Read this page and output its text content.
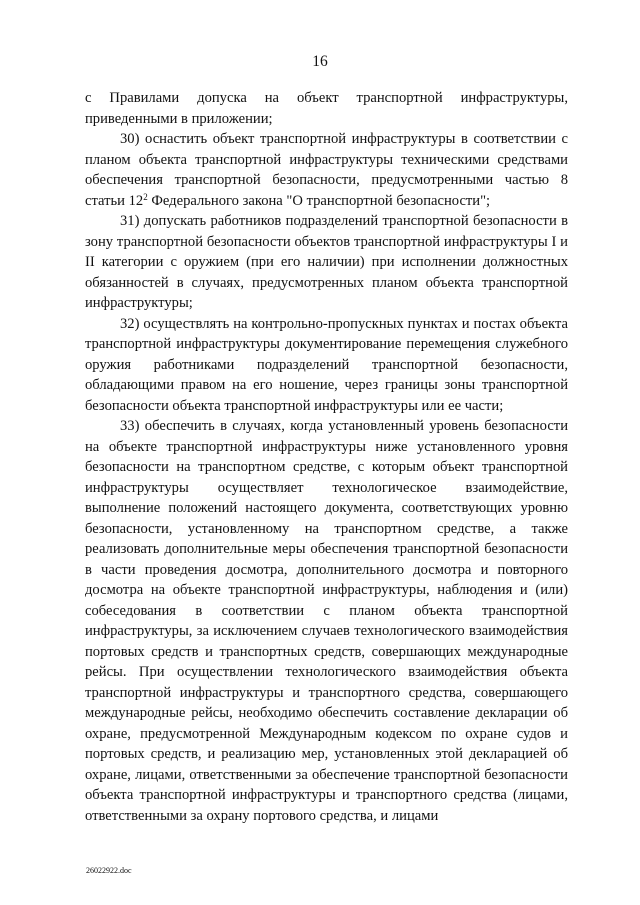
16

с Правилами допуска на объект транспортной инфраструктуры, приведенными в приложении;

30) оснастить объект транспортной инфраструктуры в соответствии с планом объекта транспортной инфраструктуры техническими средствами обеспечения транспортной безопасности, предусмотренными частью 8 статьи $12^2$ Федерального закона "О транспортной безопасности";

31) допускать работников подразделений транспортной безопасности в зону транспортной безопасности объектов транспортной инфраструктуры I и II категории с оружием (при его наличии) при исполнении должностных обязанностей в случаях, предусмотренных планом объекта транспортной инфраструктуры;

32) осуществлять на контрольно-пропускных пунктах и постах объекта транспортной инфраструктуры документирование перемещения служебного оружия работниками подразделений транспортной безопасности, обладающими правом на его ношение, через границы зоны транспортной безопасности объекта транспортной инфраструктуры или ее части;

33) обеспечить в случаях, когда установленный уровень безопасности на объекте транспортной инфраструктуры ниже установленного уровня безопасности на транспортном средстве, с которым объект транспортной инфраструктуры осуществляет технологическое взаимодействие, выполнение положений настоящего документа, соответствующих уровню безопасности, установленному на транспортном средстве, а также реализовать дополнительные меры обеспечения транспортной безопасности в части проведения досмотра, дополнительного досмотра и повторного досмотра на объекте транспортной инфраструктуры, наблюдения и (или) собеседования в соответствии с планом объекта транспортной инфраструктуры, за исключением случаев технологического взаимодействия портовых средств и транспортных средств, совершающих международные рейсы. При осуществлении технологического взаимодействия объекта транспортной инфраструктуры и транспортного средства, совершающего международные рейсы, необходимо обеспечить составление декларации об охране, предусмотренной Международным кодексом по охране судов и портовых средств, и реализацию мер, установленных этой декларацией об охране, лицами, ответственными за обеспечение транспортной безопасности объекта транспортной инфраструктуры и транспортного средства (лицами, ответственными за охрану портового средства, и лицами

26022922.doc
